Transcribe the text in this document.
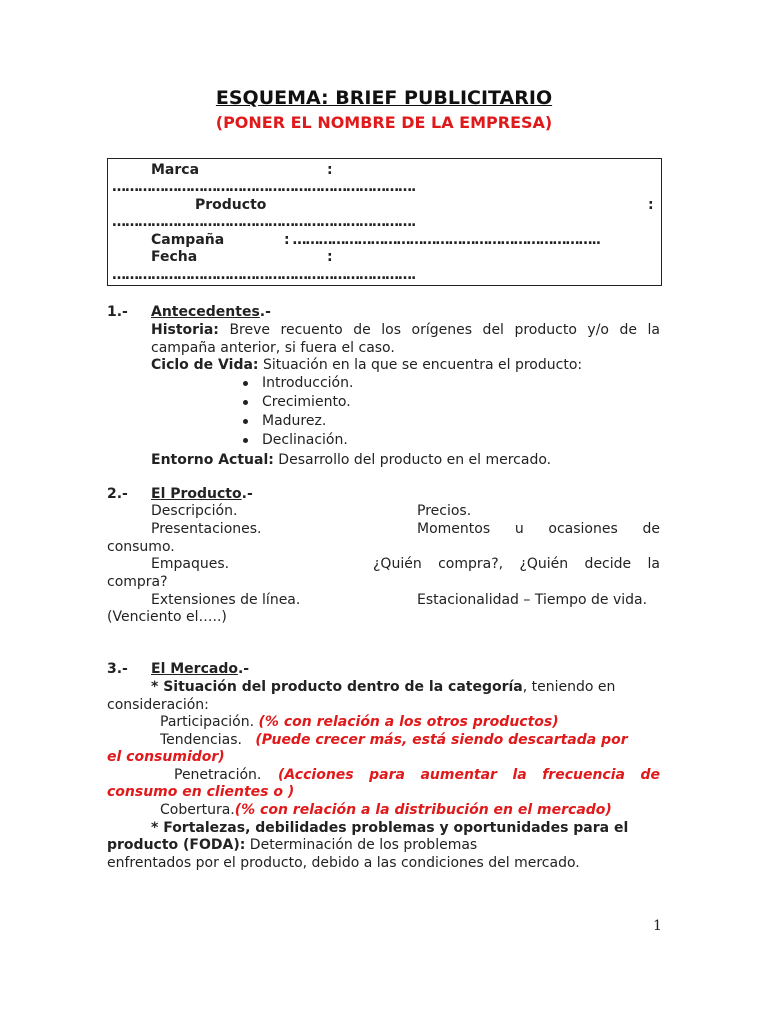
ESQUEMA: BRIEF PUBLICITARIO
(PONER EL NOMBRE DE LA EMPRESA)
Marca	:
…………………………………………………………….
Producto	:
…………………………………………………………….
Campaña	: ……………………………………………………………..
Fecha	:
…………………………………………………………….
1.- Antecedentes.-
Historia: Breve recuento de los orígenes del producto y/o de la
campaña anterior, si fuera el caso.
Ciclo de Vida: Situación en la que se encuentra el producto:
Introducción.
Crecimiento.
Madurez.
Declinación.
Entorno Actual: Desarrollo del producto en el mercado.
2.- El Producto.-
Descripción.	Precios.
Presentaciones.	Momentos u ocasiones de
consumo.
Empaques.	¿Quién compra?, ¿Quién decide la
compra?
Extensiones de línea.	Estacionalidad – Tiempo de vida.
(Venciento el…..)
3.- El Mercado.-
* Situación del producto dentro de la categoría, teniendo en
consideración:
Participación. (% con relación a los otros productos)
Tendencias. (Puede crecer más, está siendo descartada por
el consumidor)
Penetración. (Acciones para aumentar la frecuencia de
consumo en clientes o )
Cobertura.(% con relación a la distribución en el mercado)
* Fortalezas, debilidades problemas y oportunidades para el
producto (FODA): Determinación de los problemas
enfrentados por el producto, debido a las condiciones del mercado.
1
